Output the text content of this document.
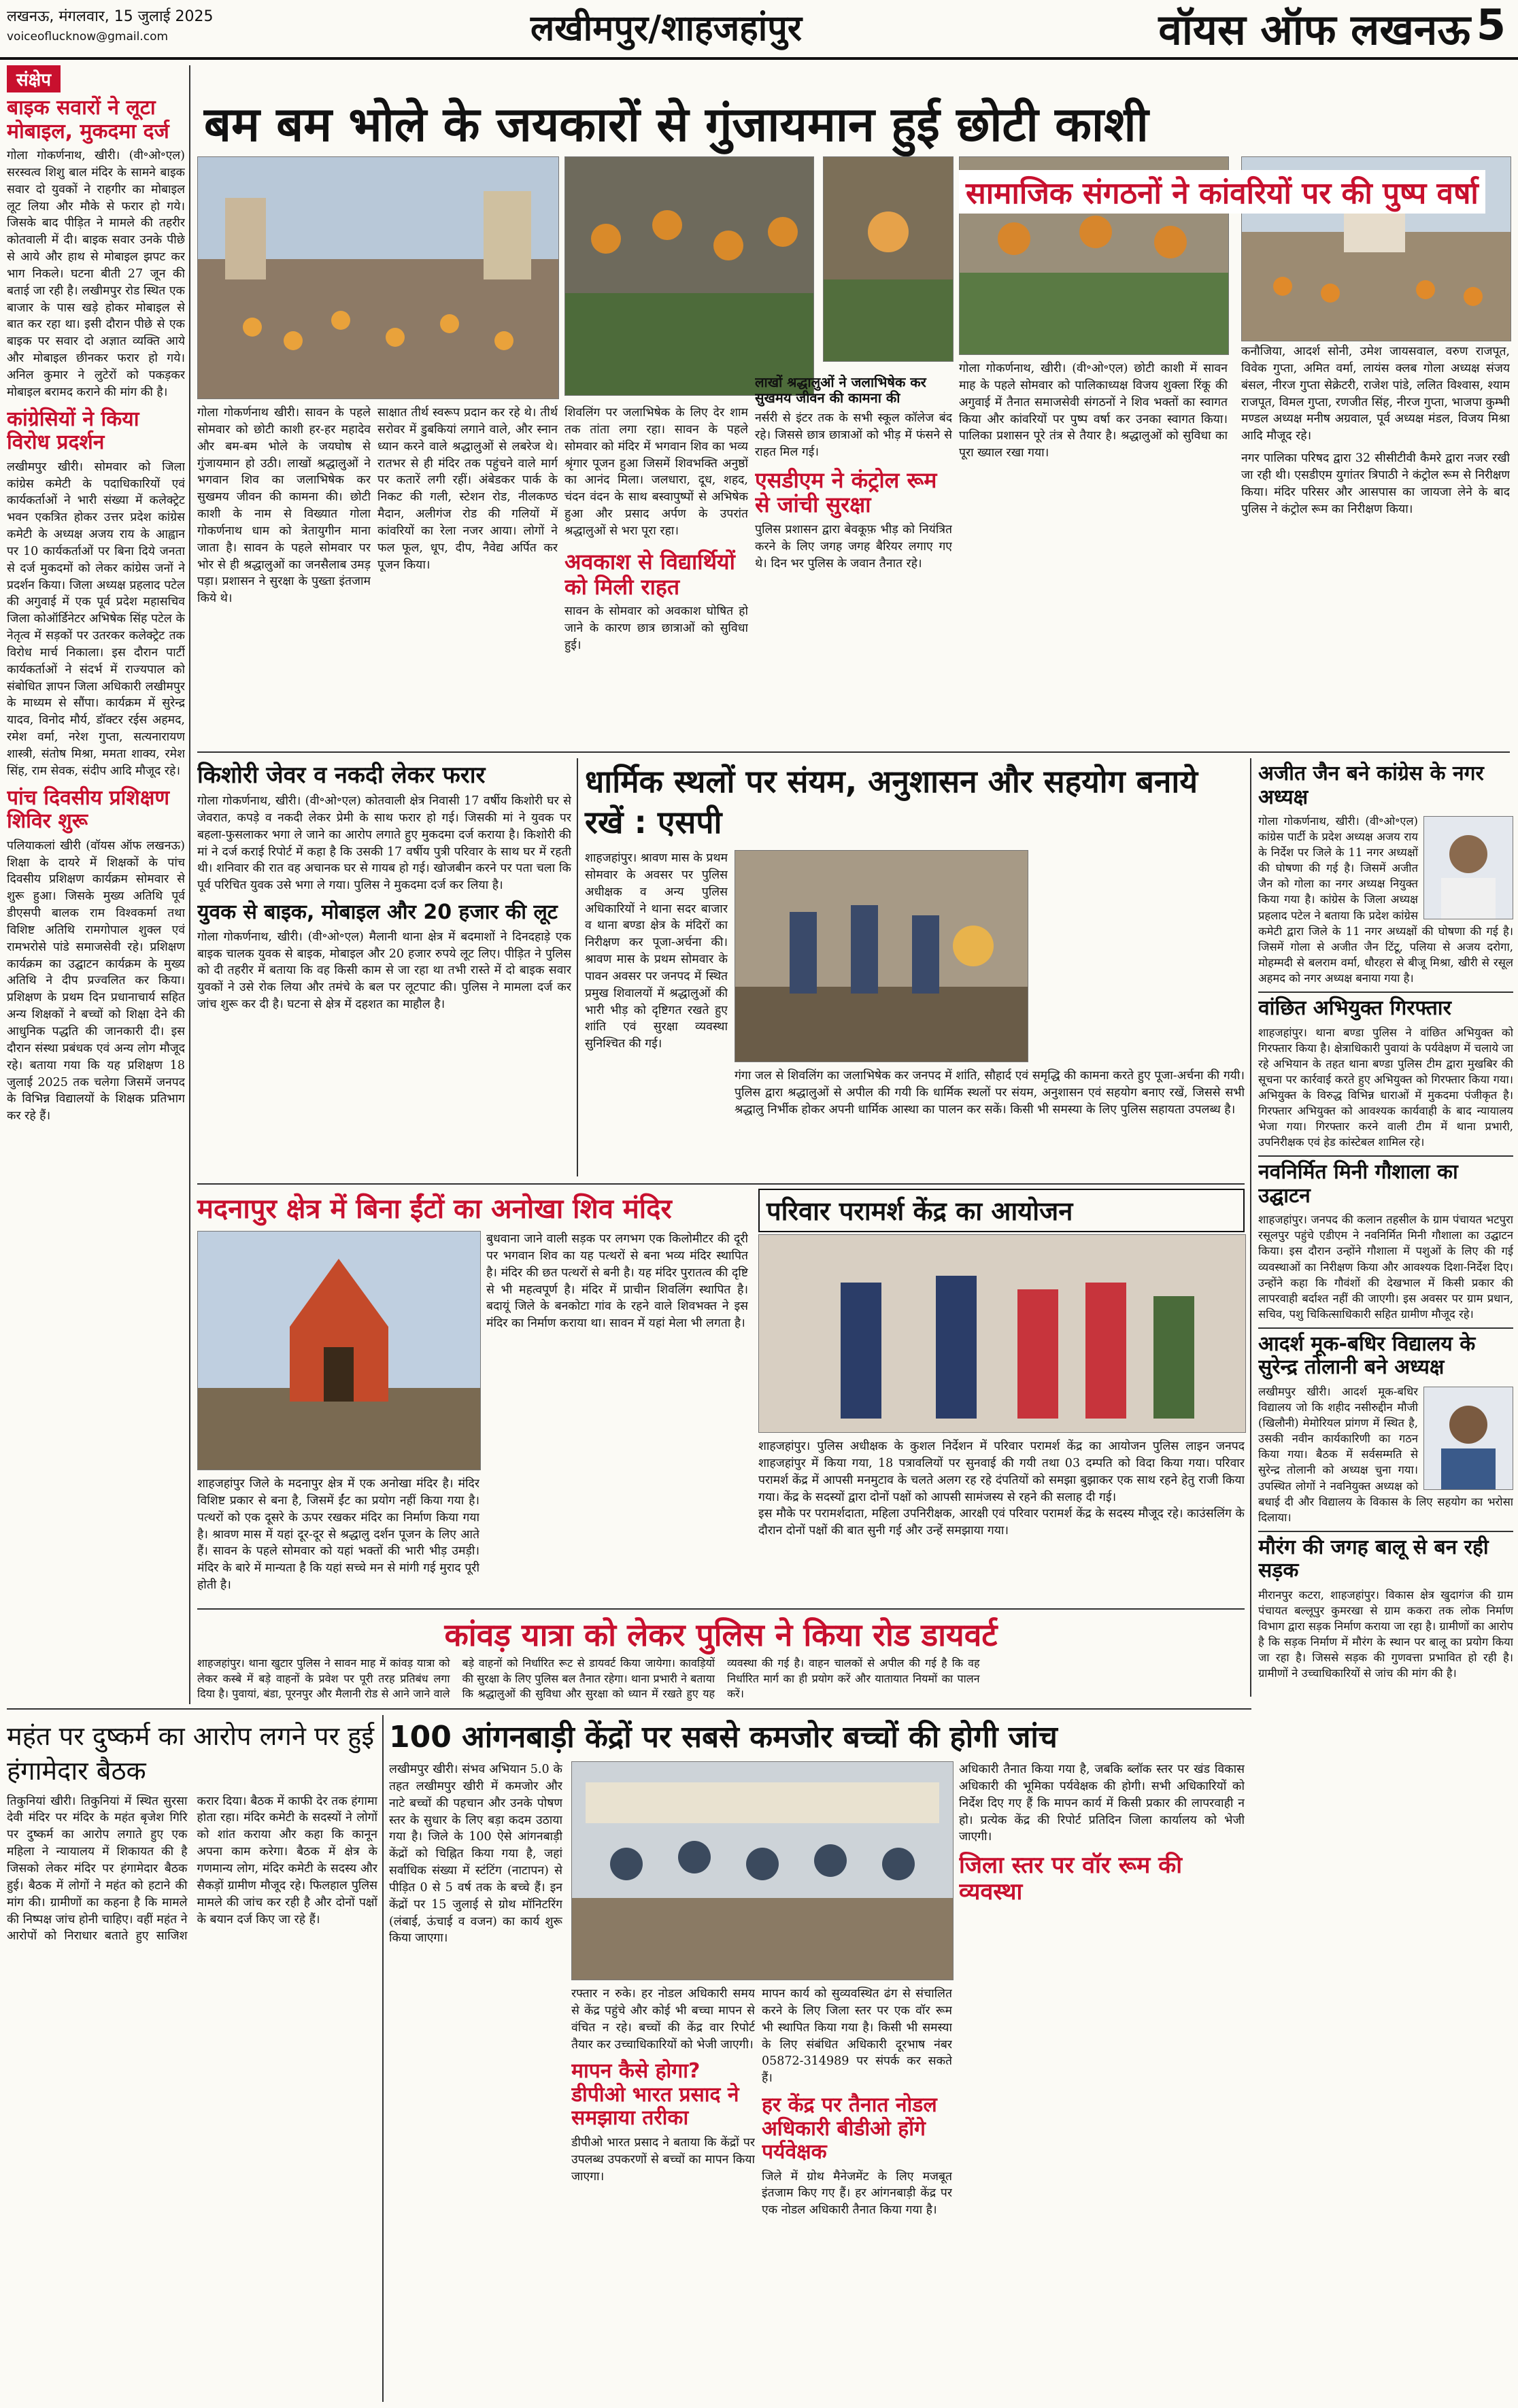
लखनऊ, मंगलवार, 15 जुलाई 2025
voiceoflucknow@gmail.com	लखीमपुर/शाहजहांपुर	वॉयस ऑफ लखनऊ 5
संक्षेप
बाइक सवारों ने लूटा मोबाइल, मुकदमा दर्ज

गोला गोकर्णनाथ, खीरी। (वी॰ओ॰एल) सरस्वत्व शिशु बाल मंदिर के सामने बाइक सवार दो युवकों ने राहगीर का मोबाइल लूट लिया और मौके से फरार हो गये। जिसके बाद पीड़ित ने मामले की तहरीर कोतवाली में दी। बाइक सवार उनके पीछे से आये और हाथ से मोबाइल झपट कर भाग निकले। घटना बीती 27 जून की बताई जा रही है। लखीमपुर रोड स्थित एक बाजार के पास खड़े होकर मोबाइल से बात कर रहा था। इसी दौरान पीछे से एक बाइक पर सवार दो अज्ञात व्यक्ति आये और मोबाइल छीनकर फरार हो गये। अनिल कुमार ने लुटेरों को पकड़कर मोबाइल बरामद कराने की मांग की है।

कांग्रेसियों ने किया विरोध प्रदर्शन

लखीमपुर खीरी। सोमवार को जिला कांग्रेस कमेटी के पदाधिकारियों एवं कार्यकर्ताओं ने भारी संख्या में कलेक्ट्रेट भवन एकत्रित होकर उत्तर प्रदेश कांग्रेस कमेटी के अध्यक्ष अजय राय के आह्वान पर 10 कार्यकर्ताओं पर बिना दिये जनता से दर्ज मुकदमों को लेकर कांग्रेस जनों ने प्रदर्शन किया। जिला अध्यक्ष प्रहलाद पटेल की अगुवाई में एक पूर्व प्रदेश महासचिव जिला कोऑर्डिनेटर अभिषेक सिंह पटेल के नेतृत्व में सड़कों पर उतरकर कलेक्ट्रेट तक विरोध मार्च निकाला। इस दौरान पार्टी कार्यकर्ताओं ने संदर्भ में राज्यपाल को संबोधित ज्ञापन जिला अधिकारी लखीमपुर के माध्यम से सौंपा। कार्यक्रम में सुरेन्द्र यादव, विनोद मौर्य, डॉक्टर रईस अहमद, रमेश वर्मा, नरेश गुप्ता, सत्यनारायण शास्त्री, संतोष मिश्रा, ममता शाक्य, रमेश सिंह, राम सेवक, संदीप आदि मौजूद रहे।

पांच दिवसीय प्रशिक्षण शिविर शुरू

पलियाकलां खीरी (वॉयस ऑफ लखनऊ) शिक्षा के दायरे में शिक्षकों के पांच दिवसीय प्रशिक्षण कार्यक्रम सोमवार से शुरू हुआ। जिसके मुख्य अतिथि पूर्व डीएसपी बालक राम विश्वकर्मा तथा विशिष्ट अतिथि रामगोपाल शुक्ल एवं रामभरोसे पांडे समाजसेवी रहे। प्रशिक्षण कार्यक्रम का उद्घाटन कार्यक्रम के मुख्य अतिथि ने दीप प्रज्वलित कर किया। प्रशिक्षण के प्रथम दिन प्रधानाचार्य सहित अन्य शिक्षकों ने बच्चों को शिक्षा देने की आधुनिक पद्धति की जानकारी दी। इस दौरान संस्था प्रबंधक एवं अन्य लोग मौजूद रहे। बताया गया कि यह प्रशिक्षण 18 जुलाई 2025 तक चलेगा जिसमें जनपद के विभिन्न विद्यालयों के शिक्षक प्रतिभाग कर रहे हैं।

बम बम भोले के जयकारों से गुंजायमान हुई छोटी काशी
सामाजिक संगठनों ने कांवरियों पर की पुष्प वर्षा

गोला गोकर्णनाथ खीरी। सावन के पहले सोमवार को छोटी काशी हर-हर महादेव और बम-बम भोले के जयघोष से गुंजायमान हो उठी। लाखों श्रद्धालुओं ने भगवान शिव का जलाभिषेक कर सुखमय जीवन की कामना की। छोटी काशी के नाम से विख्यात गोला गोकर्णनाथ धाम को त्रेतायुगीन माना जाता है। सावन के पहले सोमवार पर भोर से ही श्रद्धालुओं का जनसैलाब उमड़ पड़ा। प्रशासन ने सुरक्षा के पुख्ता इंतजाम किये थे।

साक्षात तीर्थ स्वरूप प्रदान कर रहे थे। तीर्थ सरोवर में डुबकियां लगाने वाले, और स्नान ध्यान करने वाले श्रद्धालुओं से लबरेज थे। रातभर से ही मंदिर तक पहुंचने वाले मार्ग पर कतारें लगी रहीं। अंबेडकर पार्क के निकट की गली, स्टेशन रोड, नीलकण्ठ मैदान, अलीगंज रोड की गलियों में कांवरियों का रेला नजर आया। लोगों ने फल फूल, धूप, दीप, नैवेद्य अर्पित कर पूजन किया।

शिवलिंग पर जलाभिषेक के लिए देर शाम तक तांता लगा रहा। सावन के पहले सोमवार को मंदिर में भगवान शिव का भव्य श्रृंगार पूजन हुआ जिसमें शिवभक्ति अनुष्ठों का आनंद मिला। जलधारा, दूध, शहद, चंदन वंदन के साथ बस्वापुष्पों से अभिषेक हुआ और प्रसाद अर्पण के उपरांत श्रद्धालुओं से भरा पूरा रहा।

अवकाश से विद्यार्थियों को मिली राहत

सावन के सोमवार को अवकाश घोषित हो जाने के कारण छात्र छात्राओं को सुविधा हुई।

लाखों श्रद्धालुओं ने जलाभिषेक कर सुखमय जीवन की कामना की

नर्सरी से इंटर तक के सभी स्कूल कॉलेज बंद रहे। जिससे छात्र छात्राओं को भीड़ में फंसने से राहत मिल गई।

एसडीएम ने कंट्रोल रूम से जांची सुरक्षा

पुलिस प्रशासन द्वारा बेवकूफ़ भीड़ को नियंत्रित करने के लिए जगह जगह बैरियर लगाए गए थे। दिन भर पुलिस के जवान तैनात रहे।

गोला गोकर्णनाथ, खीरी। (वी॰ओ॰एल) छोटी काशी में सावन माह के पहले सोमवार को पालिकाध्यक्ष विजय शुक्ला रिंकू की अगुवाई में तैनात समाजसेवी संगठनों ने शिव भक्तों का स्वागत किया और कांवरियों पर पुष्प वर्षा कर उनका स्वागत किया। पालिका प्रशासन पूरे तंत्र से तैयार है। श्रद्धालुओं को सुविधा का पूरा ख्याल रखा गया।

कनौजिया, आदर्श सोनी, उमेश जायसवाल, वरुण राजपूत, विवेक गुप्ता, अमित वर्मा, लायंस क्लब गोला अध्यक्ष संजय बंसल, नीरज गुप्ता सेक्रेटरी, राजेश पांडे, ललित विश्वास, श्याम राजपूत, विमल गुप्ता, रणजीत सिंह, नीरज गुप्ता, भाजपा कुम्भी मण्डल अध्यक्ष मनीष अग्रवाल, पूर्व अध्यक्ष मंडल, विजय मिश्रा आदि मौजूद रहे।

नगर पालिका परिषद द्वारा 32 सीसीटीवी कैमरे द्वारा नजर रखी जा रही थी। एसडीएम युगांतर त्रिपाठी ने कंट्रोल रूम से निरीक्षण किया। मंदिर परिसर और आसपास का जायजा लेने के बाद पुलिस ने कंट्रोल रूम का निरीक्षण किया।

किशोरी जेवर व नकदी लेकर फरार

गोला गोकर्णनाथ, खीरी। (वी॰ओ॰एल) कोतवाली क्षेत्र निवासी 17 वर्षीय किशोरी घर से जेवरात, कपड़े व नकदी लेकर प्रेमी के साथ फरार हो गई। जिसकी मां ने युवक पर बहला-फुसलाकर भगा ले जाने का आरोप लगाते हुए मुकदमा दर्ज कराया है। किशोरी की मां ने दर्ज कराई रिपोर्ट में कहा है कि उसकी 17 वर्षीय पुत्री परिवार के साथ घर में रहती थी। शनिवार की रात वह अचानक घर से गायब हो गई। खोजबीन करने पर पता चला कि पूर्व परिचित युवक उसे भगा ले गया। पुलिस ने मुकदमा दर्ज कर लिया है।

युवक से बाइक, मोबाइल और 20 हजार की लूट

गोला गोकर्णनाथ, खीरी। (वी॰ओ॰एल) मैलानी थाना क्षेत्र में बदमाशों ने दिनदहाड़े एक बाइक चालक युवक से बाइक, मोबाइल और 20 हजार रुपये लूट लिए। पीड़ित ने पुलिस को दी तहरीर में बताया कि वह किसी काम से जा रहा था तभी रास्ते में दो बाइक सवार युवकों ने उसे रोक लिया और तमंचे के बल पर लूटपाट की। पुलिस ने मामला दर्ज कर जांच शुरू कर दी है। घटना से क्षेत्र में दहशत का माहौल है।

धार्मिक स्थलों पर संयम, अनुशासन और सहयोग बनाये रखें : एसपी

शाहजहांपुर। श्रावण मास के प्रथम सोमवार के अवसर पर पुलिस अधीक्षक व अन्य पुलिस अधिकारियों ने थाना सदर बाजार व थाना बण्डा क्षेत्र के मंदिरों का निरीक्षण कर पूजा-अर्चना की। श्रावण मास के प्रथम सोमवार के पावन अवसर पर जनपद में स्थित प्रमुख शिवालयों में श्रद्धालुओं की भारी भीड़ को दृष्टिगत रखते हुए शांति एवं सुरक्षा व्यवस्था सुनिश्चित की गई।

गंगा जल से शिवलिंग का जलाभिषेक कर जनपद में शांति, सौहार्द एवं समृद्धि की कामना करते हुए पूजा-अर्चना की गयी। पुलिस द्वारा श्रद्धालुओं से अपील की गयी कि धार्मिक स्थलों पर संयम, अनुशासन एवं सहयोग बनाए रखें, जिससे सभी श्रद्धालु निर्भीक होकर अपनी धार्मिक आस्था का पालन कर सकें। किसी भी समस्या के लिए पुलिस सहायता उपलब्ध है।

मदनापुर क्षेत्र में बिना ईंटों का अनोखा शिव मंदिर

शाहजहांपुर जिले के मदनापुर क्षेत्र में एक अनोखा मंदिर है। मंदिर विशिष्ट प्रकार से बना है, जिसमें ईंट का प्रयोग नहीं किया गया है। पत्थरों को एक दूसरे के ऊपर रखकर मंदिर का निर्माण किया गया है। श्रावण मास में यहां दूर-दूर से श्रद्धालु दर्शन पूजन के लिए आते हैं। सावन के पहले सोमवार को यहां भक्तों की भारी भीड़ उमड़ी। मंदिर के बारे में मान्यता है कि यहां सच्चे मन से मांगी गई मुराद पूरी होती है।

बुधवाना जाने वाली सड़क पर लगभग एक किलोमीटर की दूरी पर भगवान शिव का यह पत्थरों से बना भव्य मंदिर स्थापित है। मंदिर की छत पत्थरों से बनी है। यह मंदिर पुरातत्व की दृष्टि से भी महत्वपूर्ण है। मंदिर में प्राचीन शिवलिंग स्थापित है। बदायूं जिले के बनकोटा गांव के रहने वाले शिवभक्त ने इस मंदिर का निर्माण कराया था। सावन में यहां मेला भी लगता है।

परिवार परामर्श केंद्र का आयोजन

शाहजहांपुर। पुलिस अधीक्षक के कुशल निर्देशन में परिवार परामर्श केंद्र का आयोजन पुलिस लाइन जनपद शाहजहांपुर में किया गया, 18 पत्रावलियों पर सुनवाई की गयी तथा 03 दम्पति को विदा किया गया। परिवार परामर्श केंद्र में आपसी मनमुटाव के चलते अलग रह रहे दंपतियों को समझा बुझाकर एक साथ रहने हेतु राजी किया गया। केंद्र के सदस्यों द्वारा दोनों पक्षों को आपसी सामंजस्य से रहने की सलाह दी गई।

इस मौके पर परामर्शदाता, महिला उपनिरीक्षक, आरक्षी एवं परिवार परामर्श केंद्र के सदस्य मौजूद रहे। काउंसलिंग के दौरान दोनों पक्षों की बात सुनी गई और उन्हें समझाया गया।

कांवड़ यात्रा को लेकर पुलिस ने किया रोड डायवर्ट

शाहजहांपुर। थाना खुटार पुलिस ने सावन माह में कांवड़ यात्रा को लेकर कस्बे में बड़े वाहनों के प्रवेश पर पूरी तरह प्रतिबंध लगा दिया है। पुवायां, बंडा, पूरनपुर और मैलानी रोड से आने जाने वाले बड़े वाहनों को निर्धारित रूट से डायवर्ट किया जायेगा। कावड़ियों की सुरक्षा के लिए पुलिस बल तैनात रहेगा। थाना प्रभारी ने बताया कि श्रद्धालुओं की सुविधा और सुरक्षा को ध्यान में रखते हुए यह व्यवस्था की गई है। वाहन चालकों से अपील की गई है कि वह निर्धारित मार्ग का ही प्रयोग करें और यातायात नियमों का पालन करें।

अजीत जैन बने कांग्रेस के नगर अध्यक्ष

गोला गोकर्णनाथ, खीरी। (वी॰ओ॰एल) कांग्रेस पार्टी के प्रदेश अध्यक्ष अजय राय के निर्देश पर जिले के 11 नगर अध्यक्षों की घोषणा की गई है। जिसमें अजीत जैन को गोला का नगर अध्यक्ष नियुक्त किया गया है। कांग्रेस के जिला अध्यक्ष प्रहलाद पटेल ने बताया कि प्रदेश कांग्रेस कमेटी द्वारा जिले के 11 नगर अध्यक्षों की घोषणा की गई है। जिसमें गोला से अजीत जैन टिंटू, पलिया से अजय दरोगा, मोहम्मदी से बलराम वर्मा, धौरहरा से बीजू मिश्रा, खीरी से रसूल अहमद को नगर अध्यक्ष बनाया गया है।

वांछित अभियुक्त गिरफ्तार

शाहजहांपुर। थाना बण्डा पुलिस ने वांछित अभियुक्त को गिरफ्तार किया है। क्षेत्राधिकारी पुवायां के पर्यवेक्षण में चलाये जा रहे अभियान के तहत थाना बण्डा पुलिस टीम द्वारा मुखबिर की सूचना पर कार्रवाई करते हुए अभियुक्त को गिरफ्तार किया गया। अभियुक्त के विरुद्ध विभिन्न धाराओं में मुकदमा पंजीकृत है। गिरफ्तार अभियुक्त को आवश्यक कार्यवाही के बाद न्यायालय भेजा गया। गिरफ्तार करने वाली टीम में थाना प्रभारी, उपनिरीक्षक एवं हेड कांस्टेबल शामिल रहे।

नवनिर्मित मिनी गौशाला का उद्घाटन

शाहजहांपुर। जनपद की कलान तहसील के ग्राम पंचायत भटपुरा रसूलपुर पहुंचे एडीएम ने नवनिर्मित मिनी गौशाला का उद्घाटन किया। इस दौरान उन्होंने गौशाला में पशुओं के लिए की गई व्यवस्थाओं का निरीक्षण किया और आवश्यक दिशा-निर्देश दिए। उन्होंने कहा कि गौवंशों की देखभाल में किसी प्रकार की लापरवाही बर्दाश्त नहीं की जाएगी। इस अवसर पर ग्राम प्रधान, सचिव, पशु चिकित्साधिकारी सहित ग्रामीण मौजूद रहे।

आदर्श मूक-बधिर विद्यालय के सुरेन्द्र तोलानी बने अध्यक्ष

लखीमपुर खीरी। आदर्श मूक-बधिर विद्यालय जो कि शहीद नसीरुद्दीन मौजी (खिलौनी) मेमोरियल प्रांगण में स्थित है, उसकी नवीन कार्यकारिणी का गठन किया गया। बैठक में सर्वसम्मति से सुरेन्द्र तोलानी को अध्यक्ष चुना गया। उपस्थित लोगों ने नवनियुक्त अध्यक्ष को बधाई दी और विद्यालय के विकास के लिए सहयोग का भरोसा दिलाया।

मौरंग की जगह बालू से बन रही सड़क

मीरानपुर कटरा, शाहजहांपुर। विकास क्षेत्र खुदागंज की ग्राम पंचायत बल्लूपुर कुमरखा से ग्राम ककरा तक लोक निर्माण विभाग द्वारा सड़क निर्माण कराया जा रहा है। ग्रामीणों का आरोप है कि सड़क निर्माण में मौरंग के स्थान पर बालू का प्रयोग किया जा रहा है। जिससे सड़क की गुणवत्ता प्रभावित हो रही है। ग्रामीणों ने उच्चाधिकारियों से जांच की मांग की है।

महंत पर दुष्कर्म का आरोप लगने पर हुई हंगामेदार बैठक

तिकुनियां खीरी। तिकुनियां में स्थित सुरसा देवी मंदिर पर मंदिर के महंत बृजेश गिरि पर दुष्कर्म का आरोप लगाते हुए एक महिला ने न्यायालय में शिकायत की है जिसको लेकर मंदिर पर हंगामेदार बैठक हुई। बैठक में लोगों ने महंत को हटाने की मांग की। ग्रामीणों का कहना है कि मामले की निष्पक्ष जांच होनी चाहिए। वहीं महंत ने आरोपों को निराधार बताते हुए साजिश करार दिया। बैठक में काफी देर तक हंगामा होता रहा। मंदिर कमेटी के सदस्यों ने लोगों को शांत कराया और कहा कि कानून अपना काम करेगा। बैठक में क्षेत्र के गणमान्य लोग, मंदिर कमेटी के सदस्य और सैकड़ों ग्रामीण मौजूद रहे। फिलहाल पुलिस मामले की जांच कर रही है और दोनों पक्षों के बयान दर्ज किए जा रहे हैं।

100 आंगनबाड़ी केंद्रों पर सबसे कमजोर बच्चों की होगी जांच

लखीमपुर खीरी। संभव अभियान 5.0 के तहत लखीमपुर खीरी में कमजोर और नाटे बच्चों की पहचान और उनके पोषण स्तर के सुधार के लिए बड़ा कदम उठाया गया है। जिले के 100 ऐसे आंगनबाड़ी केंद्रों को चिह्नित किया गया है, जहां सर्वाधिक संख्या में स्टंटिंग (नाटापन) से पीड़ित 0 से 5 वर्ष तक के बच्चे हैं। इन केंद्रों पर 15 जुलाई से ग्रोथ मॉनिटरिंग (लंबाई, ऊंचाई व वजन) का कार्य शुरू किया जाएगा।

रफ्तार न रुके। हर नोडल अधिकारी समय से केंद्र पहुंचे और कोई भी बच्चा मापन से वंचित न रहे। बच्चों की केंद्र वार रिपोर्ट तैयार कर उच्चाधिकारियों को भेजी जाएगी।

मापन कैसे होगा? डीपीओ भारत प्रसाद ने समझाया तरीका

डीपीओ भारत प्रसाद ने बताया कि केंद्रों पर उपलब्ध उपकरणों से बच्चों का मापन किया जाएगा।

मापन कार्य को सुव्यवस्थित ढंग से संचालित करने के लिए जिला स्तर पर एक वॉर रूम भी स्थापित किया गया है। किसी भी समस्या के लिए संबंधित अधिकारी दूरभाष नंबर 05872-314989 पर संपर्क कर सकते हैं।

हर केंद्र पर तैनात नोडल अधिकारी बीडीओ होंगे पर्यवेक्षक

जिले में ग्रोथ मैनेजमेंट के लिए मजबूत इंतजाम किए गए हैं। हर आंगनबाड़ी केंद्र पर एक नोडल अधिकारी तैनात किया गया है।

अधिकारी तैनात किया गया है, जबकि ब्लॉक स्तर पर खंड विकास अधिकारी की भूमिका पर्यवेक्षक की होगी। सभी अधिकारियों को निर्देश दिए गए हैं कि मापन कार्य में किसी प्रकार की लापरवाही न हो। प्रत्येक केंद्र की रिपोर्ट प्रतिदिन जिला कार्यालय को भेजी जाएगी।

जिला स्तर पर वॉर रूम की व्यवस्था
